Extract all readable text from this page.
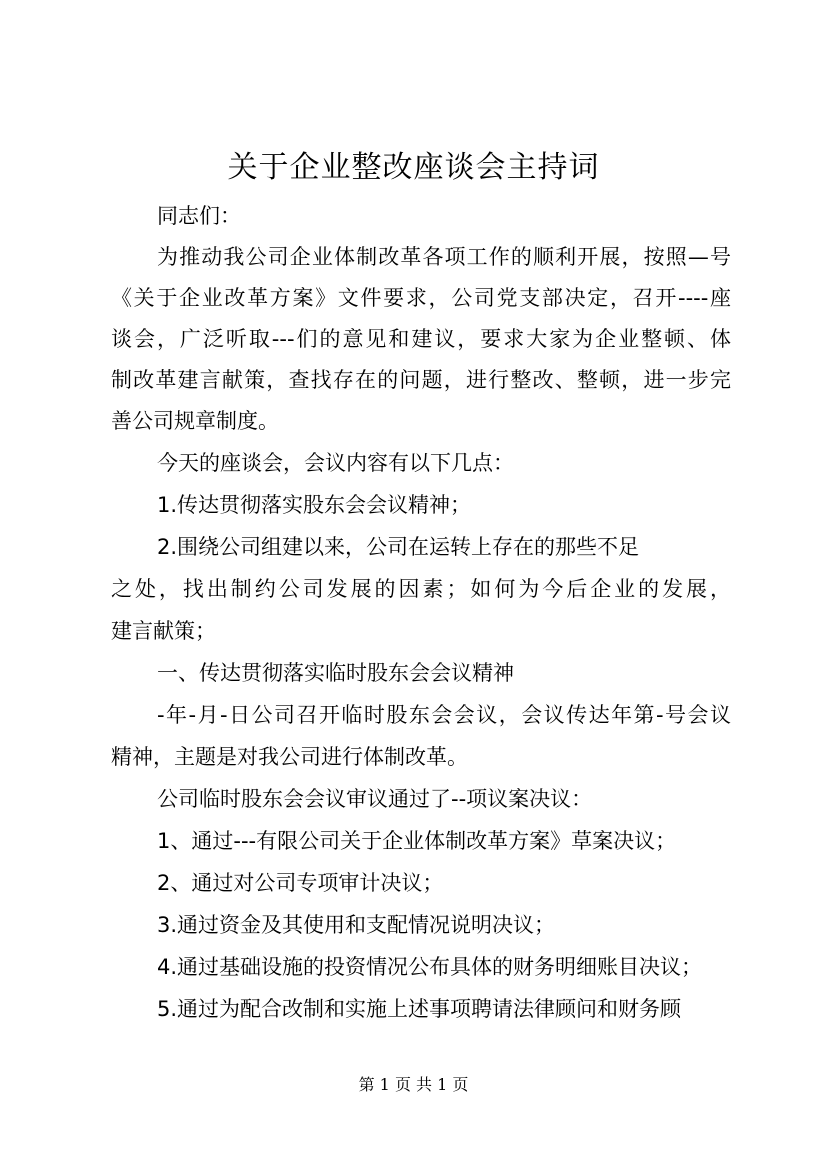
关于企业整改座谈会主持词
同志们：
为推动我公司企业体制改革各项工作的顺利开展，按照—号
《关于企业改革方案》文件要求，公司党支部决定，召开----座
谈会，广泛听取---们的意见和建议，要求大家为企业整顿、体
制改革建言献策，查找存在的问题，进行整改、整顿，进一步完
善公司规章制度。
今天的座谈会，会议内容有以下几点：
1.传达贯彻落实股东会会议精神；
2.围绕公司组建以来，公司在运转上存在的那些不足
之处，找出制约公司发展的因素；如何为今后企业的发展，
建言献策；
一、传达贯彻落实临时股东会会议精神
-年-月-日公司召开临时股东会会议，会议传达年第-号会议
精神，主题是对我公司进行体制改革。
公司临时股东会会议审议通过了--项议案决议：
1、通过---有限公司关于企业体制改革方案》草案决议；
2、通过对公司专项审计决议；
3.通过资金及其使用和支配情况说明决议；
4.通过基础设施的投资情况公布具体的财务明细账目决议；
5.通过为配合改制和实施上述事项聘请法律顾问和财务顾
第 1 页 共 1 页
